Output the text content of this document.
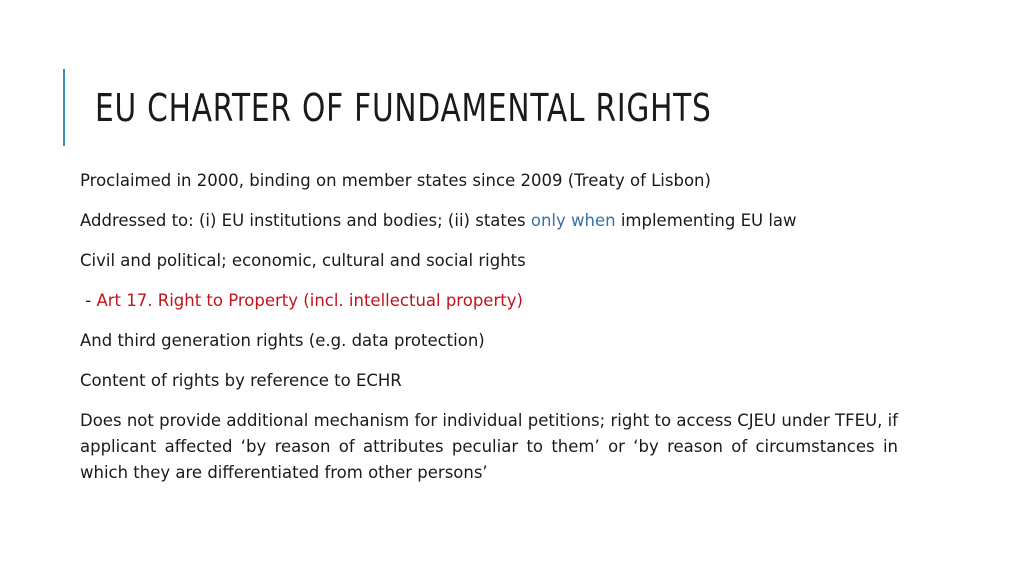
EU CHARTER OF FUNDAMENTAL RIGHTS

Proclaimed in 2000, binding on member states since 2009 (Treaty of Lisbon)

Addressed to: (i) EU institutions and bodies; (ii) states only when implementing EU law

Civil and political; economic, cultural and social rights

- Art 17. Right to Property (incl. intellectual property)

And third generation rights (e.g. data protection)

Content of rights by reference to ECHR

Does not provide additional mechanism for individual petitions; right to access CJEU under TFEU, if applicant affected ‘by reason of attributes peculiar to them’ or ‘by reason of circumstances in which they are differentiated from other persons’
